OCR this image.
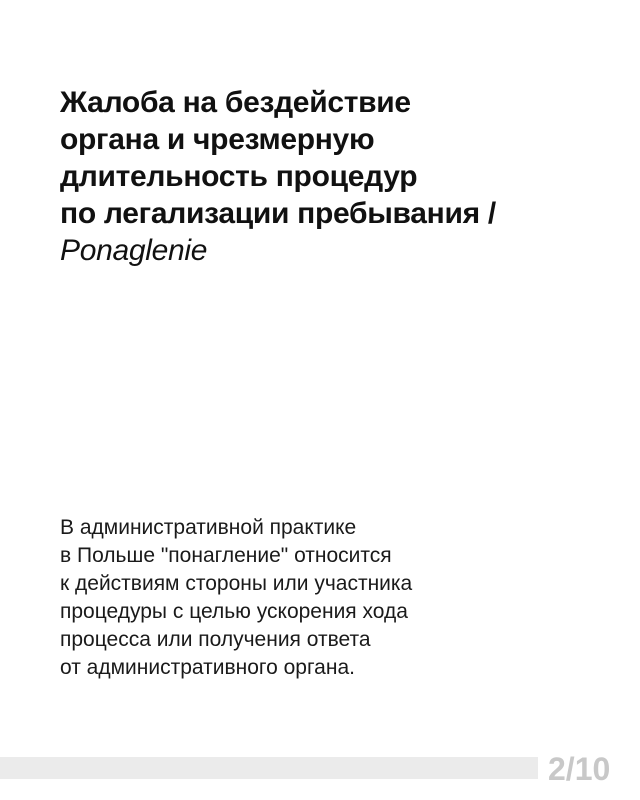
Жалоба на бездействие
органа и чрезмерную
длительность процедур
по легализации пребывания /
Ponaglenie

В административной практике
в Польше "понагление" относится
к действиям стороны или участника
процедуры с целью ускорения хода
процесса или получения ответа
от административного органа.

2/10
